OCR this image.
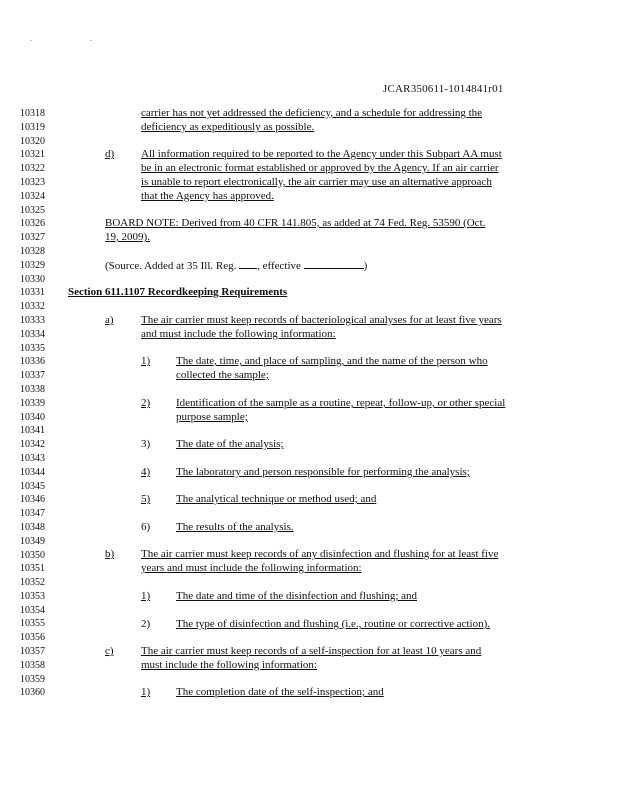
. .
JCAR350611-1014841r01
10318
10319
10320
10321
10322
10323
10324
10325
10326
10327
10328
10329
10330
10331
10332
10333
10334
10335
10336
10337
10338
10339
10340
10341
10342
10343
10344
10345
10346
10347
10348
10349
10350
10351
10352
10353
10354
10355
10356
10357
10358
10359
10360
carrier has not yet addressed the deficiency, and a schedule for addressing the
deficiency as expeditiously as possible.
d) All information required to be reported to the Agency under this Subpart AA must
be in an electronic format established or approved by the Agency. If an air carrier
is unable to report electronically, the air carrier may use an alternative approach
that the Agency has approved.
BOARD NOTE: Derived from 40 CFR 141.805, as added at 74 Fed. Reg. 53590 (Oct.
19, 2009).
(Source. Added at 35 Ill. Reg. , effective	)
Section 611.1107 Recordkeeping Requirements
a) The air carrier must keep records of bacteriological analyses for at least five years
and must include the following information:
1) The date, time, and place of sampling, and the name of the person who
collected the sample;
2) Identification of the sample as a routine, repeat, follow-up, or other special
purpose sample;
3) The date of the analysis;
4) The laboratory and person responsible for performing the analysis;
5) The analytical technique or method used; and
6) The results of the analysis.
b) The air carrier must keep records of any disinfection and flushing for at least five
years and must include the following information:
1) The date and time of the disinfection and flushing; and
2) The type of disinfection and flushing (i.e., routine or corrective action).
c) The air carrier must keep records of a self-inspection for at least 10 years and
must include the following information:
1) The completion date of the self-inspection; and
